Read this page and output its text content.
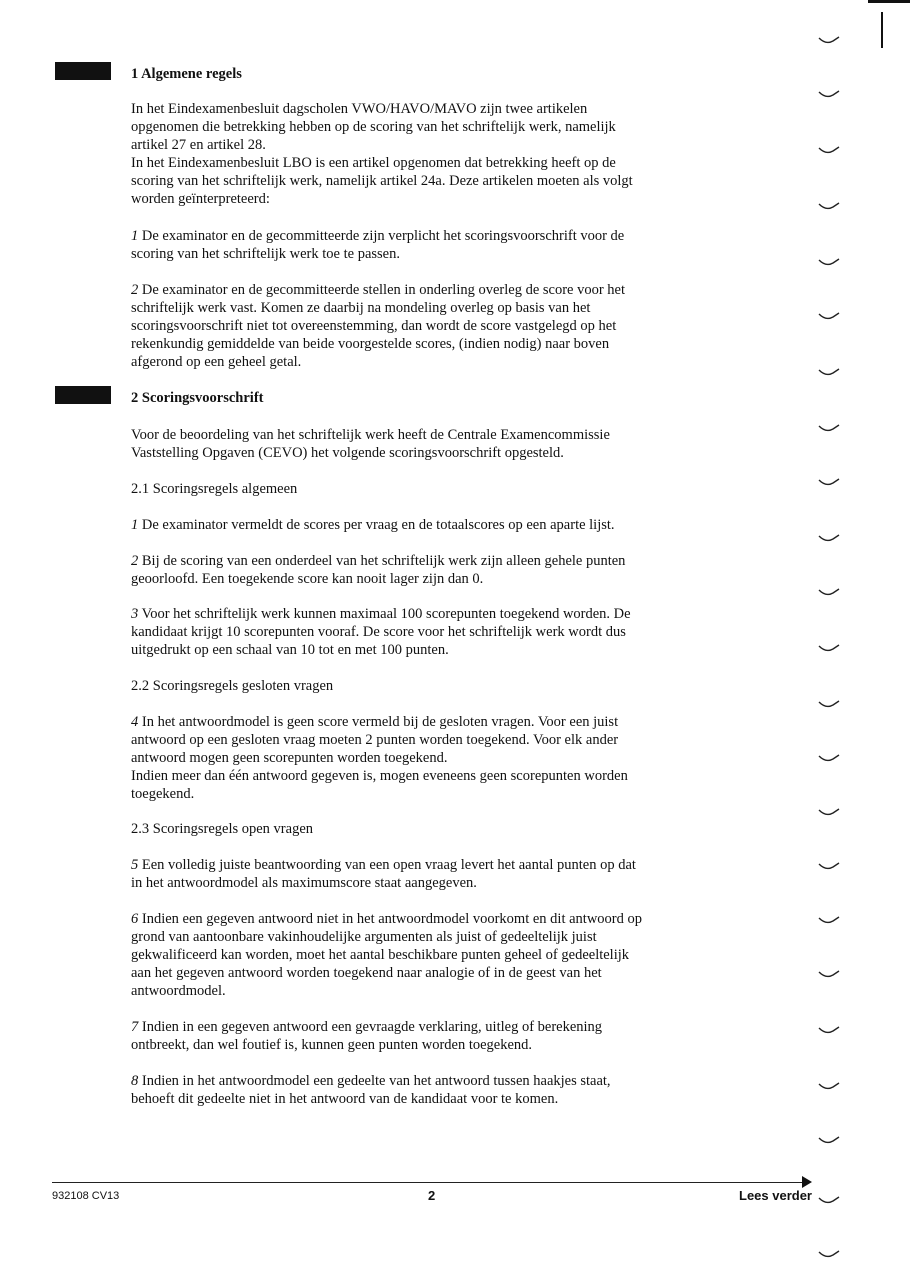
1 Algemene regels

In het Eindexamenbesluit dagscholen VWO/HAVO/MAVO zijn twee artikelen
opgenomen die betrekking hebben op de scoring van het schriftelijk werk, namelijk
artikel 27 en artikel 28.

In het Eindexamenbesluit LBO is een artikel opgenomen dat betrekking heeft op de
scoring van het schriftelijk werk, namelijk artikel 24a. Deze artikelen moeten als volgt
worden geïnterpreteerd:

1 De examinator en de gecommitteerde zijn verplicht het scoringsvoorschrift voor de
scoring van het schriftelijk werk toe te passen.

2 De examinator en de gecommitteerde stellen in onderling overleg de score voor het
schriftelijk werk vast. Komen ze daarbij na mondeling overleg op basis van het
scoringsvoorschrift niet tot overeenstemming, dan wordt de score vastgelegd op het
rekenkundig gemiddelde van beide voorgestelde scores, (indien nodig) naar boven
afgerond op een geheel getal.

2 Scoringsvoorschrift

Voor de beoordeling van het schriftelijk werk heeft de Centrale Examencommissie
Vaststelling Opgaven (CEVO) het volgende scoringsvoorschrift opgesteld.

2.1 Scoringsregels algemeen

1 De examinator vermeldt de scores per vraag en de totaalscores op een aparte lijst.

2 Bij de scoring van een onderdeel van het schriftelijk werk zijn alleen gehele punten
geoorloofd. Een toegekende score kan nooit lager zijn dan 0.

3 Voor het schriftelijk werk kunnen maximaal 100 scorepunten toegekend worden. De
kandidaat krijgt 10 scorepunten vooraf. De score voor het schriftelijk werk wordt dus
uitgedrukt op een schaal van 10 tot en met 100 punten.

2.2 Scoringsregels gesloten vragen

4 In het antwoordmodel is geen score vermeld bij de gesloten vragen. Voor een juist
antwoord op een gesloten vraag moeten 2 punten worden toegekend. Voor elk ander
antwoord mogen geen scorepunten worden toegekend.
Indien meer dan één antwoord gegeven is, mogen eveneens geen scorepunten worden
toegekend.

2.3 Scoringsregels open vragen

5 Een volledig juiste beantwoording van een open vraag levert het aantal punten op dat
in het antwoordmodel als maximumscore staat aangegeven.

6 Indien een gegeven antwoord niet in het antwoordmodel voorkomt en dit antwoord op
grond van aantoonbare vakinhoudelijke argumenten als juist of gedeeltelijk juist
gekwalificeerd kan worden, moet het aantal beschikbare punten geheel of gedeeltelijk
aan het gegeven antwoord worden toegekend naar analogie of in de geest van het
antwoordmodel.

7 Indien in een gegeven antwoord een gevraagde verklaring, uitleg of berekening
ontbreekt, dan wel foutief is, kunnen geen punten worden toegekend.

8 Indien in het antwoordmodel een gedeelte van het antwoord tussen haakjes staat,
behoeft dit gedeelte niet in het antwoord van de kandidaat voor te komen.

932108 CV13	2	Lees verder
